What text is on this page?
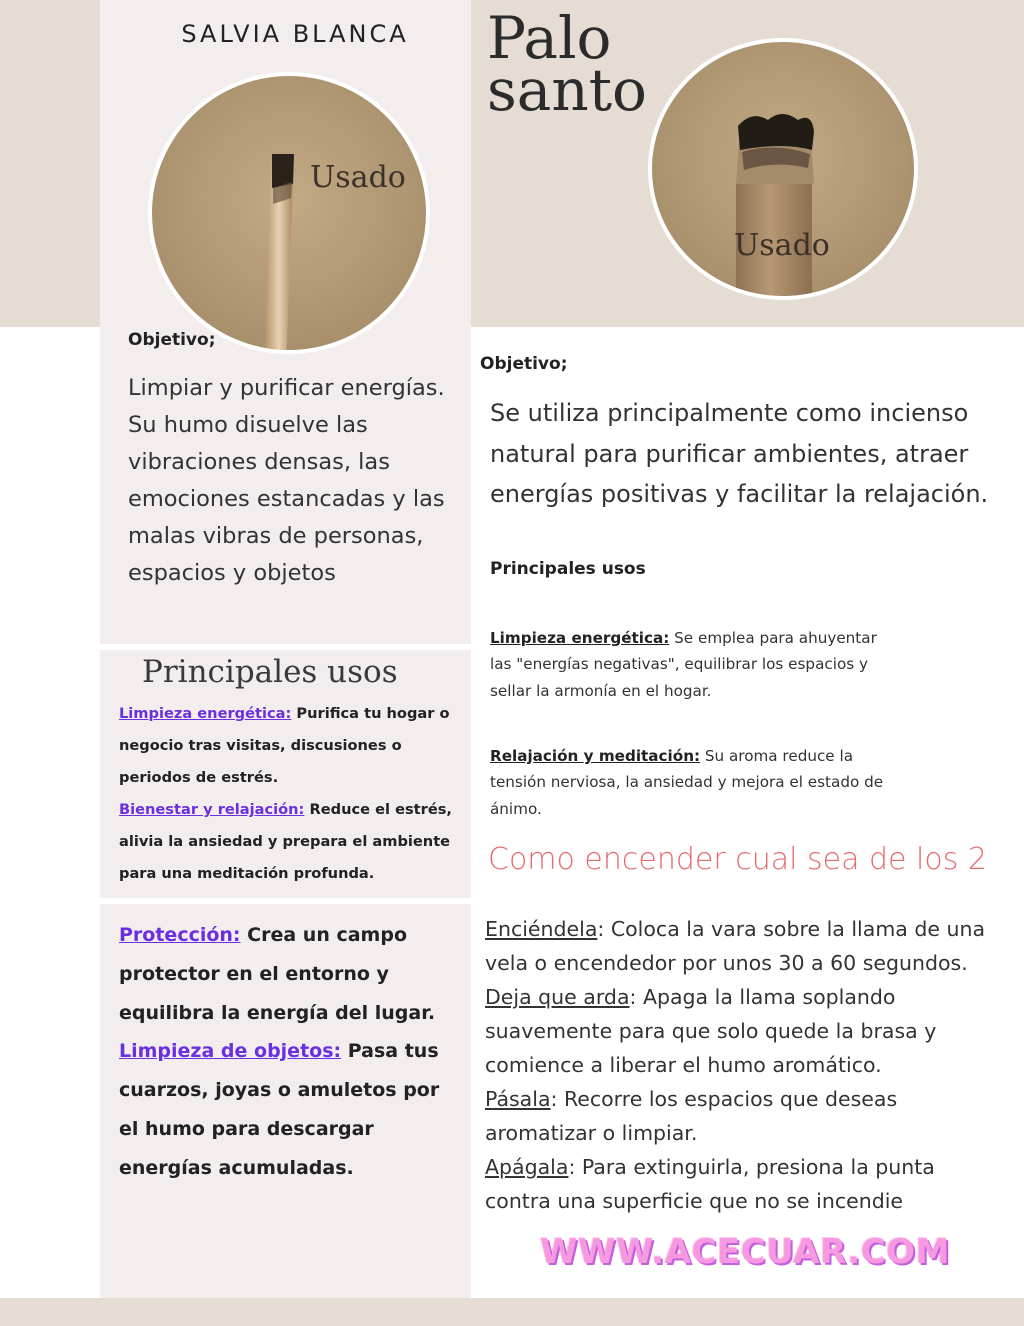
SALVIA BLANCA
Usado
Objetivo;
Limpiar y purificar energías. Su humo disuelve las vibraciones densas, las emociones estancadas y las malas vibras de personas, espacios y objetos
Principales usos
Limpieza energética: Purifica tu hogar o negocio tras visitas, discusiones o periodos de estrés.
Bienestar y relajación: Reduce el estrés, alivia la ansiedad y prepara el ambiente para una meditación profunda.
Protección: Crea un campo protector en el entorno y equilibra la energía del lugar.
Limpieza de objetos: Pasa tus cuarzos, joyas o amuletos por el humo para descargar energías acumuladas.
Palo
santo
Usado
Objetivo;
Se utiliza principalmente como incienso natural para purificar ambientes, atraer energías positivas y facilitar la relajación.
Principales usos
Limpieza energética: Se emplea para ahuyentar las "energías negativas", equilibrar los espacios y sellar la armonía en el hogar.
Relajación y meditación: Su aroma reduce la tensión nerviosa, la ansiedad y mejora el estado de ánimo.
Como encender cual sea de los 2
Enciéndela: Coloca la vara sobre la llama de una vela o encendedor por unos 30 a 60 segundos.
Deja que arda: Apaga la llama soplando suavemente para que solo quede la brasa y comience a liberar el humo aromático.
Pásala: Recorre los espacios que deseas aromatizar o limpiar.
Apágala: Para extinguirla, presiona la punta contra una superficie que no se incendie
WWW.ACECUAR.COM
